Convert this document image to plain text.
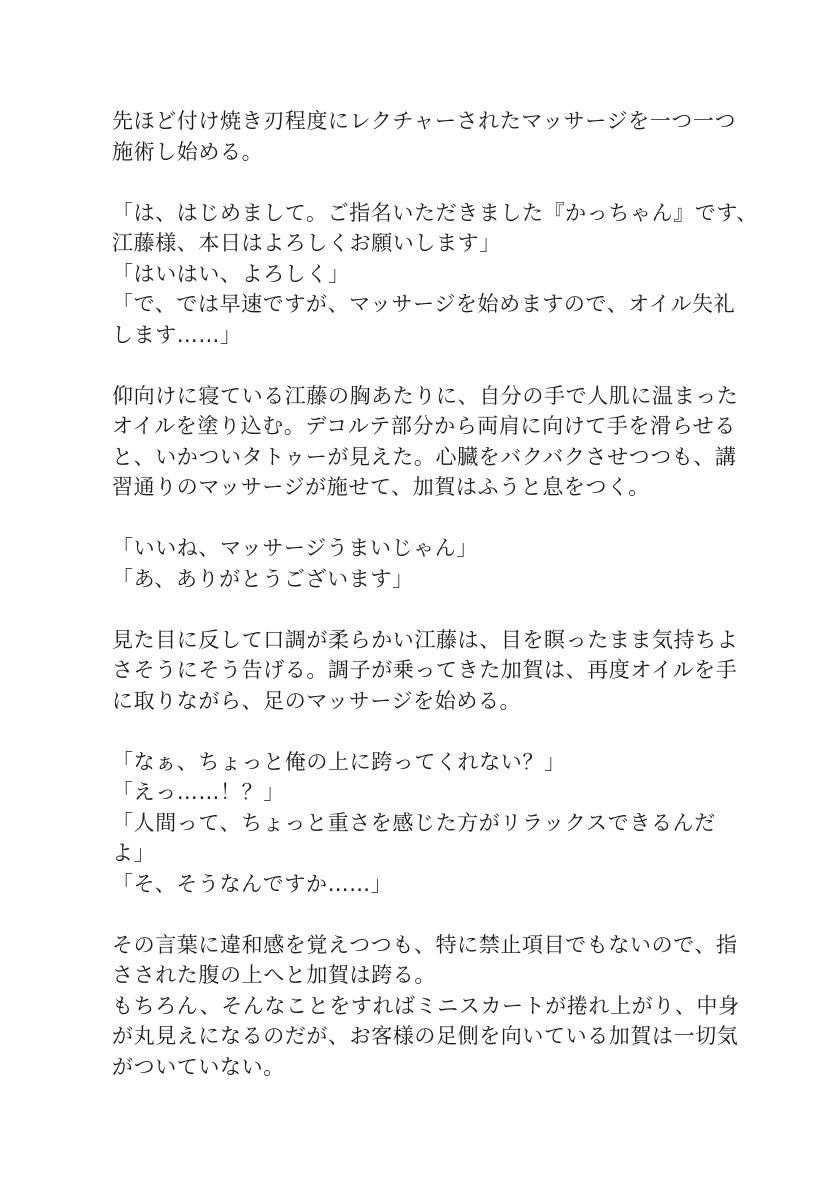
先ほど付け焼き刃程度にレクチャーされたマッサージを一つ一つ
施術し始める。
「は、はじめまして。ご指名いただきました『かっちゃん』です、
江藤様、本日はよろしくお願いします」
「はいはい、よろしく」
「で、では早速ですが、マッサージを始めますので、オイル失礼
します……」
仰向けに寝ている江藤の胸あたりに、自分の手で人肌に温まった
オイルを塗り込む。デコルテ部分から両肩に向けて手を滑らせる
と、いかついタトゥーが見えた。心臓をバクバクさせつつも、講
習通りのマッサージが施せて、加賀はふうと息をつく。
「いいね、マッサージうまいじゃん」
「あ、ありがとうございます」
見た目に反して口調が柔らかい江藤は、目を瞑ったまま気持ちよ
さそうにそう告げる。調子が乗ってきた加賀は、再度オイルを手
に取りながら、足のマッサージを始める。
「なぁ、ちょっと俺の上に跨ってくれない？」
「えっ……！？」
「人間って、ちょっと重さを感じた方がリラックスできるんだ
よ」
「そ、そうなんですか……」
その言葉に違和感を覚えつつも、特に禁止項目でもないので、指
さされた腹の上へと加賀は跨る。
もちろん、そんなことをすればミニスカートが捲れ上がり、中身
が丸見えになるのだが、お客様の足側を向いている加賀は一切気
がついていない。
